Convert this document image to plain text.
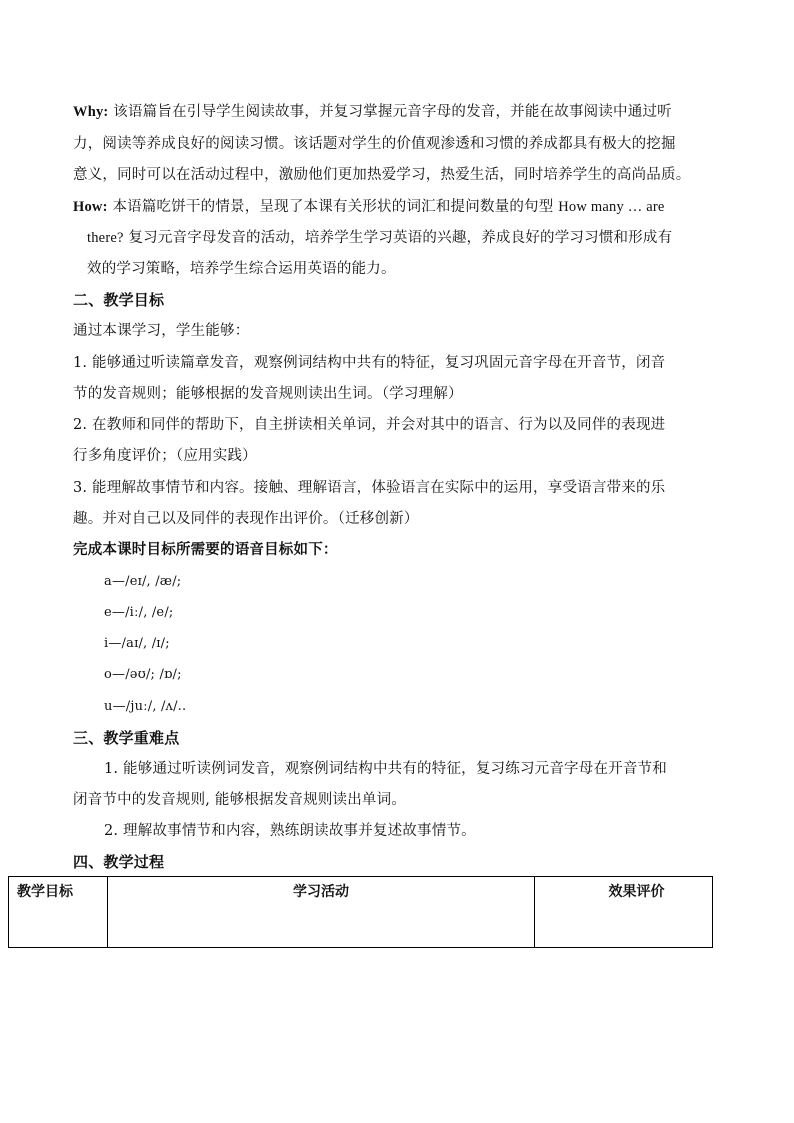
Why: 该语篇旨在引导学生阅读故事，并复习掌握元音字母的发音，并能在故事阅读中通过听
力，阅读等养成良好的阅读习惯。该话题对学生的价值观渗透和习惯的养成都具有极大的挖掘
意义，同时可以在活动过程中，激励他们更加热爱学习，热爱生活，同时培养学生的高尚品质。
How: 本语篇吃饼干的情景，呈现了本课有关形状的词汇和提问数量的句型 How many … are
there? 复习元音字母发音的活动，培养学生学习英语的兴趣，养成良好的学习习惯和形成有
效的学习策略，培养学生综合运用英语的能力。
二、教学目标
通过本课学习，学生能够：
1. 能够通过听读篇章发音，观察例词结构中共有的特征，复习巩固元音字母在开音节，闭音
节的发音规则；能够根据的发音规则读出生词。（学习理解）
2. 在教师和同伴的帮助下，自主拼读相关单词，并会对其中的语言、行为以及同伴的表现进
行多角度评价；（应用实践）
3. 能理解故事情节和内容。接触、理解语言，体验语言在实际中的运用，享受语言带来的乐
趣。并对自己以及同伴的表现作出评价。（迁移创新）
完成本课时目标所需要的语音目标如下：
a—/eɪ/, /æ/;
e—/iː/, /e/;
i—/aɪ/, /ɪ/;
o—/əʊ/; /ɒ/;
u—/juː/, /ʌ/..
三、教学重难点
1. 能够通过听读例词发音，观察例词结构中共有的特征，复习练习元音字母在开音节和
闭音节中的发音规则, 能够根据发音规则读出单词。
2. 理解故事情节和内容，熟练朗读故事并复述故事情节。
四、教学过程
教学目标	学习活动	效果评价
